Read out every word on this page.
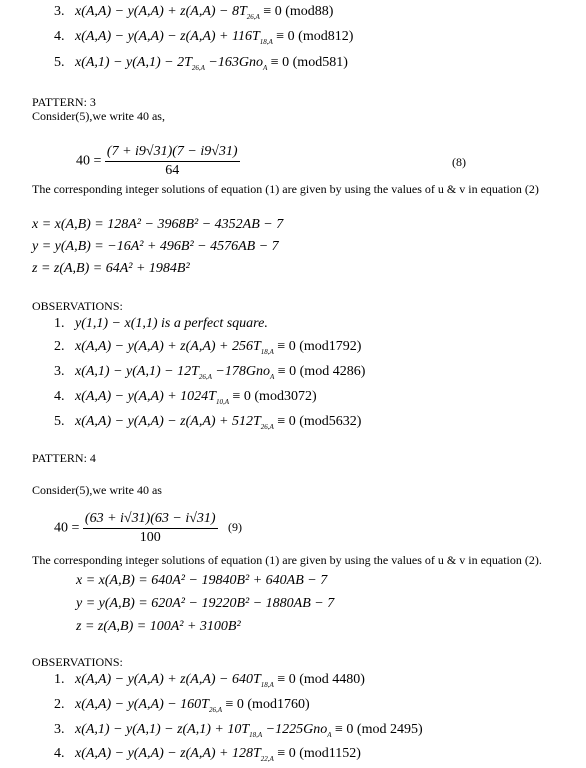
3. $x(A,A) - y(A,A) + z(A,A) - 8T_{26,A} \equiv 0$ (mod88)
4. $x(A,A) - y(A,A) - z(A,A) + 116T_{18,A} \equiv 0$ (mod812)
5. $x(A,1) - y(A,1) - 2T_{26,A} -163Gno_A \equiv 0$ (mod581)
PATTERN: 3
Consider(5),we write 40 as,
$40 = \frac{(7 + i9√31)(7 - i9√31)}{64}$	(8)
The corresponding integer solutions of equation (1) are given by using the values of u & v in equation (2)
x = x(A,B) = 128A² − 3968B² − 4352AB − 7
y = y(A,B) = −16A² + 496B² − 4576AB − 7
z = z(A,B) = 64A² + 1984B²
OBSERVATIONS:
1. y(1,1) − x(1,1) is a perfect square.
2. $x(A,A) - y(A,A) + z(A,A) + 256T_{18,A} \equiv 0$ (mod1792)
3. $x(A,1) - y(A,1) - 12T_{26,A} -178Gno_A \equiv 0$ (mod 4286)
4. $x(A,A) - y(A,A) + 1024T_{10,A} \equiv 0$ (mod3072)
5. $x(A,A) - y(A,A) - z(A,A) + 512T_{26,A} \equiv 0$ (mod5632)
PATTERN: 4
Consider(5),we write 40 as
$40 = \frac{(63 + i√31)(63 - i√31)}{100} (9)$
The corresponding integer solutions of equation (1) are given by using the values of u & v in equation (2).
x = x(A,B) = 640A² − 19840B² + 640AB − 7
y = y(A,B) = 620A² − 19220B² − 1880AB − 7
z = z(A,B) = 100A² + 3100B²
OBSERVATIONS:
1. $x(A,A) - y(A,A) + z(A,A) - 640T_{18,A} \equiv 0$ (mod 4480)
2. $x(A,A) - y(A,A) - 160T_{26,A} \equiv 0$ (mod1760)
3. $x(A,1) - y(A,1) - z(A,1) + 10T_{18,A} -1225Gno_A \equiv 0$ (mod 2495)
4. $x(A,A) - y(A,A) - z(A,A) + 128T_{22,A} \equiv 0$ (mod1152)
